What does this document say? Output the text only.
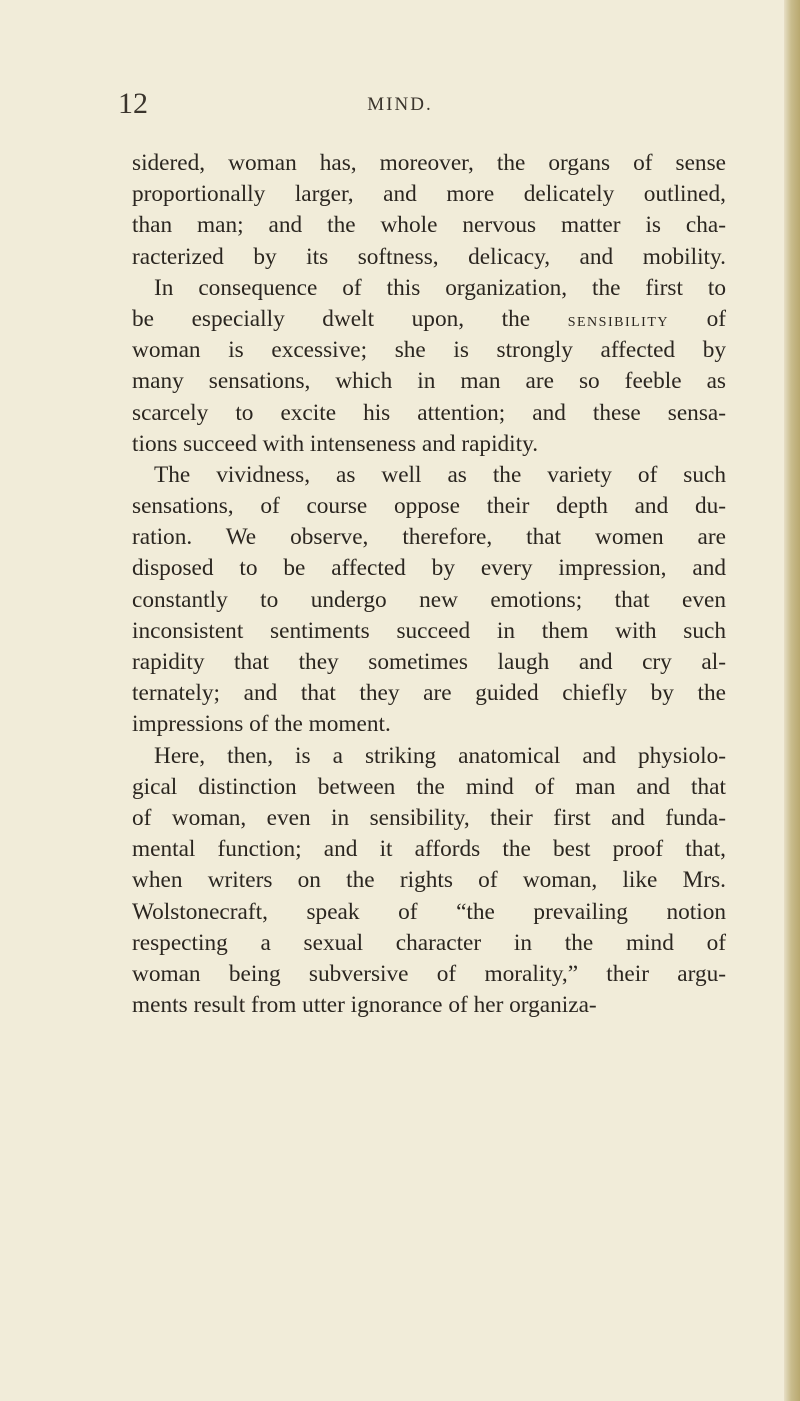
12	MIND.
sidered, woman has, moreover, the organs of sense
proportionally larger, and more delicately outlined,
than man; and the whole nervous matter is cha-
racterized by its softness, delicacy, and mobility.
In consequence of this organization, the first to
be especially dwelt upon, the sensibility of
woman is excessive; she is strongly affected by
many sensations, which in man are so feeble as
scarcely to excite his attention; and these sensa-
tions succeed with intenseness and rapidity.
The vividness, as well as the variety of such
sensations, of course oppose their depth and du-
ration. We observe, therefore, that women are
disposed to be affected by every impression, and
constantly to undergo new emotions; that even
inconsistent sentiments succeed in them with such
rapidity that they sometimes laugh and cry al-
ternately; and that they are guided chiefly by the
impressions of the moment.
Here, then, is a striking anatomical and physiolo-
gical distinction between the mind of man and that
of woman, even in sensibility, their first and funda-
mental function; and it affords the best proof that,
when writers on the rights of woman, like Mrs.
Wolstonecraft, speak of “the prevailing notion
respecting a sexual character in the mind of
woman being subversive of morality,” their argu-
ments result from utter ignorance of her organiza-
